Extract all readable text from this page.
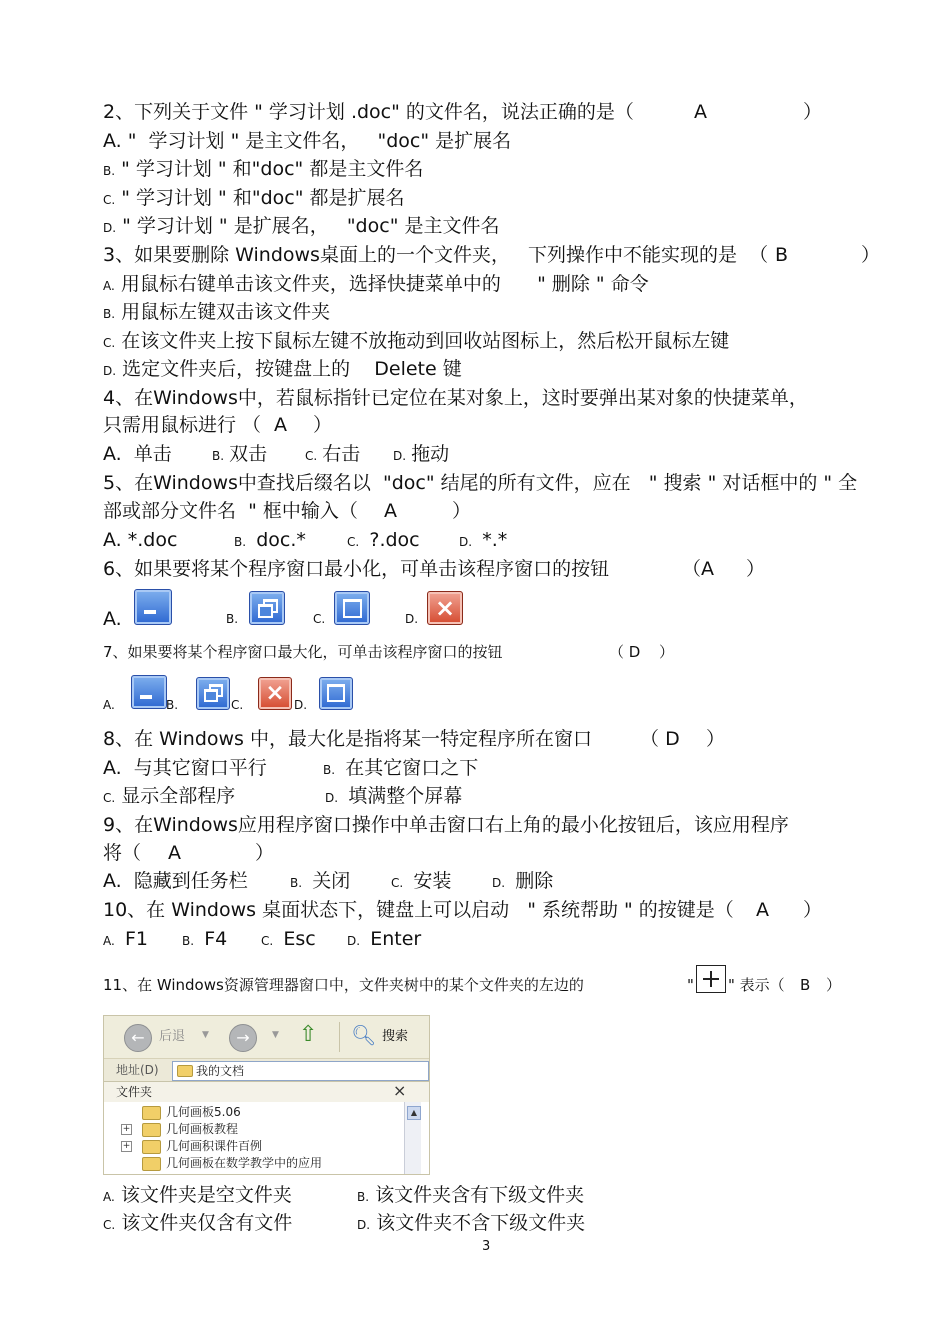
2、下列关于文件 " 学习计划 .doc" 的文件名，说法正确的是（	A	）
A. "  学习计划 " 是主文件名，   "doc" 是扩展名
B. " 学习计划 " 和"doc" 都是主文件名
C. " 学习计划 " 和"doc" 都是扩展名
D. " 学习计划 " 是扩展名，   "doc" 是主文件名
3、如果要删除 Windows桌面上的一个文件夹，   下列操作中不能实现的是  （ B	）
A. 用鼠标右键单击该文件夹，选择快捷菜单中的      " 删除 " 命令
B. 用鼠标左键双击该文件夹
C. 在该文件夹上按下鼠标左键不放拖动到回收站图标上，然后松开鼠标左键
D. 选定文件夹后，按键盘上的    Delete 键
4、在Windows中，若鼠标指针已定位在某对象上，这时要弹出某对象的快捷菜单，
只需用鼠标进行 （ A ）
A.  单击	B. 双击	C. 右击	D. 拖动
5、在Windows中查找后缀名以  "doc" 结尾的所有文件，应在   " 搜索 " 对话框中的 " 全
部或部分文件名  " 框中输入（ A	）
A. *.doc	B. doc.*	C. ?.doc	D. *.*
6、如果要将某个程序窗口最小化，可单击该程序窗口的按钮	（A ）
A.	B.	C.	D. ×
7、如果要将某个程序窗口最大化，可单击该程序窗口的按钮	（ D ）
A.	B.	C. × D.
8、在 Windows 中，最大化是指将某一特定程序所在窗口	（ D ）
A.  与其它窗口平行	B. 在其它窗口之下
C. 显示全部程序	D. 填满整个屏幕
9、在Windows应用程序窗口操作中单击窗口右上角的最小化按钮后，该应用程序
将（ A	）
A.  隐藏到任务栏	B. 关闭	C. 安装	D. 删除
10、在 Windows 桌面状态下，键盘上可以启动   " 系统帮助 " 的按键是（ A ）
A. F1	B. F4	C. Esc	D. Enter
11、在 Windows资源管理器窗口中，文件夹树中的某个文件夹的左边的	" " 表示（ B ）
←	后退 ▼	→	▼ ⇧ 🔍︎ 搜索
地址(D)	我的文档
文件夹	×
几何画板5.06
+	几何画板教程
+	几何画积课件百例
几何画板在数学教学中的应用
▲
A. 该文件夹是空文件夹	B. 该文件夹含有下级文件夹
C. 该文件夹仅含有文件	D. 该文件夹不含下级文件夹
3
